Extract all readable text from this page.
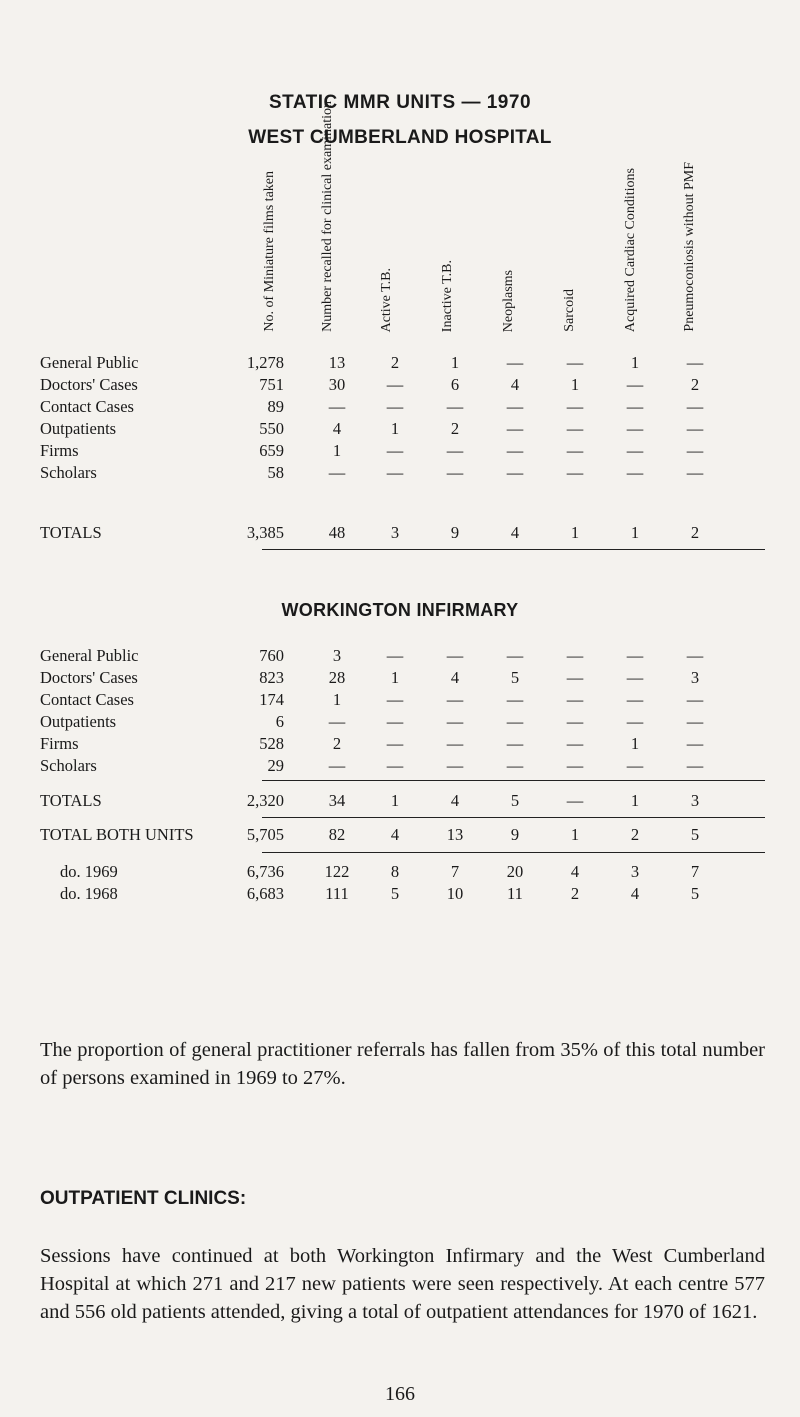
STATIC MMR UNITS — 1970
WEST CUMBERLAND HOSPITAL
No. of Miniature films taken	Number recalled for clinical examination	Active T.B.	Inactive T.B.	Neoplasms	Sarcoid	Acquired Cardiac Conditions	Pneumoconiosis without PMF
General Public	1,278	13	2	1	—	—	1	—
Doctors' Cases	751	30	—	6	4	1	—	2
Contact Cases	89	—	—	—	—	—	—	—
Outpatients	550	4	1	2	—	—	—	—
Firms	659	1	—	—	—	—	—	—
Scholars	58	—	—	—	—	—	—	—
TOTALS	3,385	48	3	9	4	1	1	2
General Public	760	3	—	—	—	—	—	—
Doctors' Cases	823	28	1	4	5	—	—	3
Contact Cases	174	1	—	—	—	—	—	—
Outpatients	6	—	—	—	—	—	—	—
Firms	528	2	—	—	—	—	1	—
Scholars	29	—	—	—	—	—	—	—
TOTALS	2,320	34	1	4	5	—	1	3
TOTAL BOTH UNITS	5,705	82	4	13	9	1	2	5
do. 1969	6,736	122	8	7	20	4	3	7
do. 1968	6,683	111	5	10	11	2	4	5
WORKINGTON INFIRMARY
The proportion of general practitioner referrals has fallen from 35% of this total number of persons examined in 1969 to 27%.
OUTPATIENT CLINICS:
Sessions have continued at both Workington Infirmary and the West Cumberland Hospital at which 271 and 217 new patients were seen respectively. At each centre 577 and 556 old patients attended, giving a total of outpatient attendances for 1970 of 1621.
166
